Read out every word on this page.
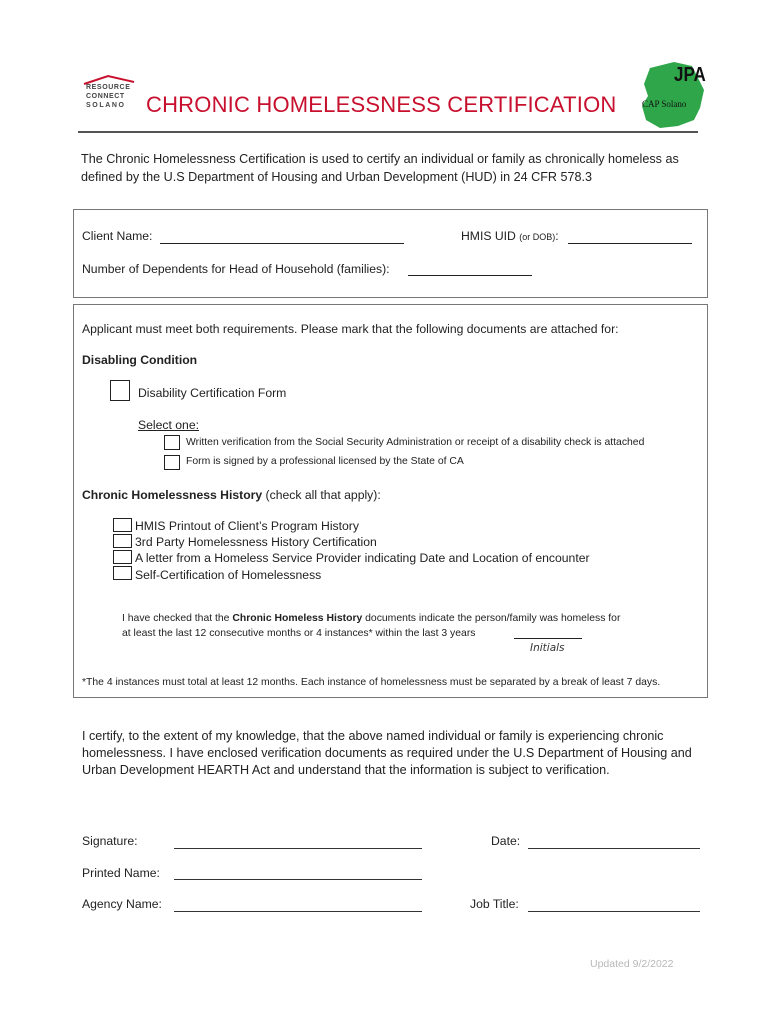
RESOURCE
CONNECT
SOLANO CHRONIC HOMELESSNESS CERTIFICATION
JPA
CAP Solano
The Chronic Homelessness Certification is used to certify an individual or family as chronically homeless as defined by the U.S Department of Housing and Urban Development (HUD) in 24 CFR 578.3
Client Name:	HMIS UID (or DOB):
Number of Dependents for Head of Household (families):
Applicant must meet both requirements. Please mark that the following documents are attached for:
Disabling Condition
Disability Certification Form
Select one:
Written verification from the Social Security Administration or receipt of a disability check is attached
Form is signed by a professional licensed by the State of CA
Chronic Homelessness History (check all that apply):
HMIS Printout of Client’s Program History
3rd Party Homelessness History Certification
A letter from a Homeless Service Provider indicating Date and Location of encounter
Self-Certification of Homelessness
I have checked that the Chronic Homeless History documents indicate the person/family was homeless for
at least the last 12 consecutive months or 4 instances* within the last 3 years
Initials
*The 4 instances must total at least 12 months. Each instance of homelessness must be separated by a break of least 7 days.
I certify, to the extent of my knowledge, that the above named individual or family is experiencing chronic homelessness. I have enclosed verification documents as required under the U.S Department of Housing and Urban Development HEARTH Act and understand that the information is subject to verification.
Signature:	Date:
Printed Name:
Agency Name:	Job Title:
Updated 9/2/2022
